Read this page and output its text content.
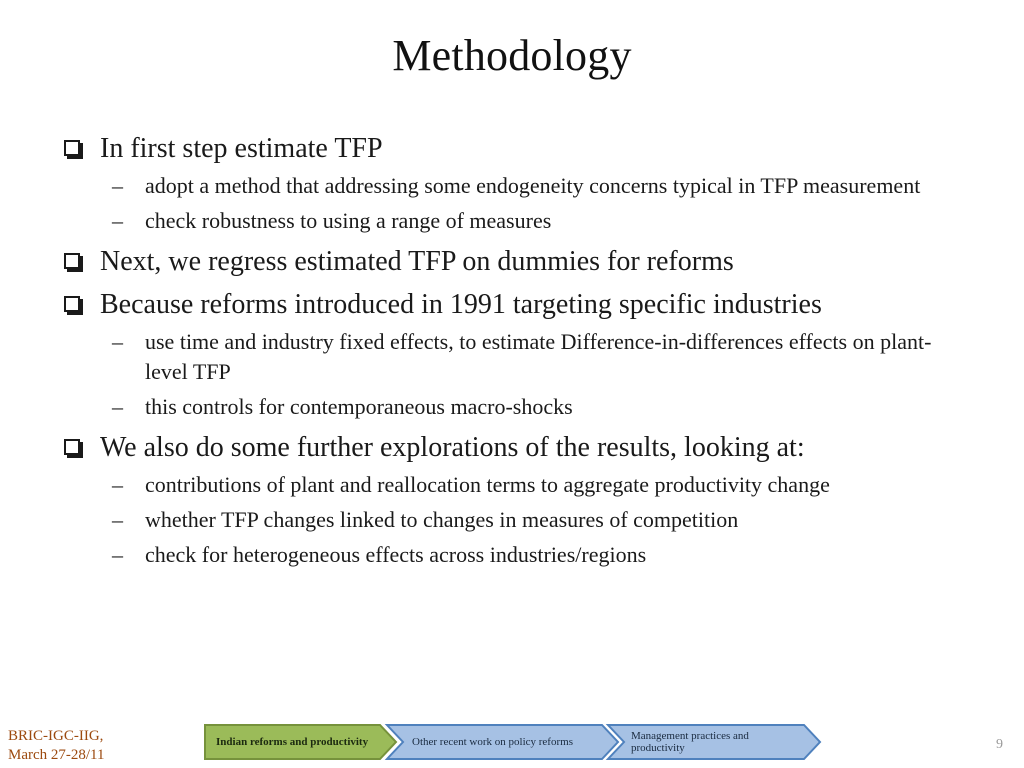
Methodology
In first step estimate TFP
– adopt a method that addressing some endogeneity concerns typical in TFP measurement
– check robustness to using a range of measures
Next, we regress estimated TFP on dummies for reforms
Because reforms introduced in 1991 targeting specific industries
– use time and industry fixed effects, to estimate Difference-in-differences effects on plant-level TFP
– this controls for contemporaneous macro-shocks
We also do some further explorations of the results, looking at:
– contributions of plant and reallocation terms to aggregate productivity change
– whether TFP changes linked to changes in measures of competition
– check for heterogeneous effects across industries/regions
BRIC-IGC-IIG,
March 27-28/11
Indian reforms and productivity	Other recent work on policy reforms	Management practices and productivity	9
